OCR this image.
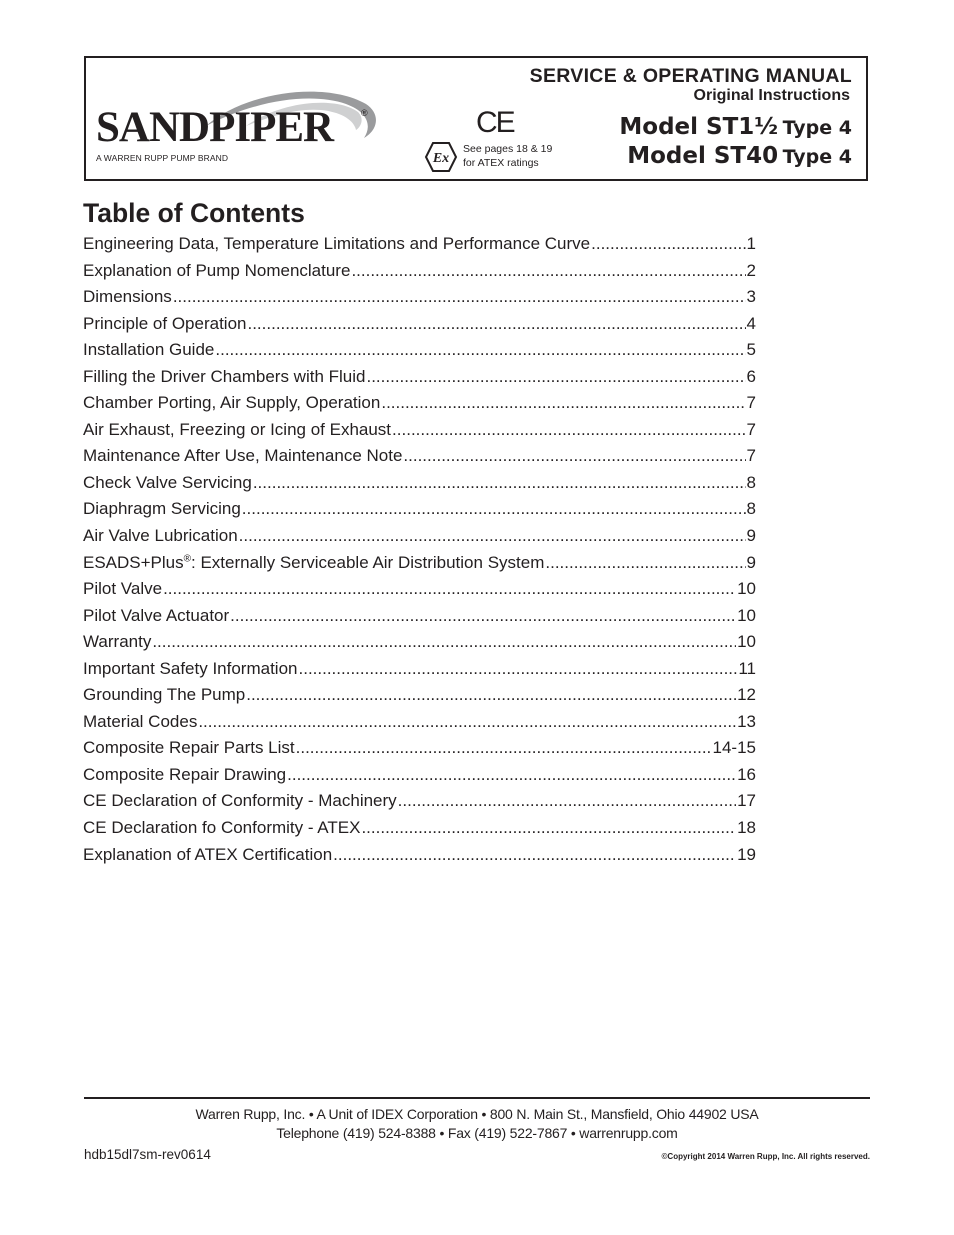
SANDPIPER	®
A WARREN RUPP PUMP BRAND
CE
Ex
See pages 18 & 19
for ATEX ratings
SERVICE & OPERATING MANUAL
Original Instructions
Model ST1½ Type 4
Model ST40 Type 4
Table of Contents
Engineering Data, Temperature Limitations and Performance Curve .....	1
Explanation of Pump Nomenclature .....	2
Dimensions .....	3
Principle of Operation .....	4
Installation Guide .....	5
Filling the Driver Chambers with Fluid .....	6
Chamber Porting, Air Supply, Operation .....	7
Air Exhaust, Freezing or Icing of Exhaust .....	7
Maintenance After Use, Maintenance Note .....	7
Check Valve Servicing .....	8
Diaphragm Servicing .....	8
Air Valve Lubrication .....	9
ESADS+Plus®: Externally Serviceable Air Distribution System .....	9
Pilot Valve .....	10
Pilot Valve Actuator .....	10
Warranty .....	10
Important Safety Information .....	11
Grounding The Pump .....	12
Material Codes .....	13
Composite Repair Parts List .....	14-15
Composite Repair Drawing .....	16
CE Declaration of Conformity - Machinery .....	17
CE Declaration fo Conformity - ATEX .....	18
Explanation of ATEX Certification .....	19
Warren Rupp, Inc. • A Unit of IDEX Corporation • 800 N. Main St., Mansfield, Ohio 44902 USA
Telephone (419) 524-8388 • Fax (419) 522-7867 • warrenrupp.com
hdb15dl7sm-rev0614	©Copyright 2014 Warren Rupp, Inc. All rights reserved.
